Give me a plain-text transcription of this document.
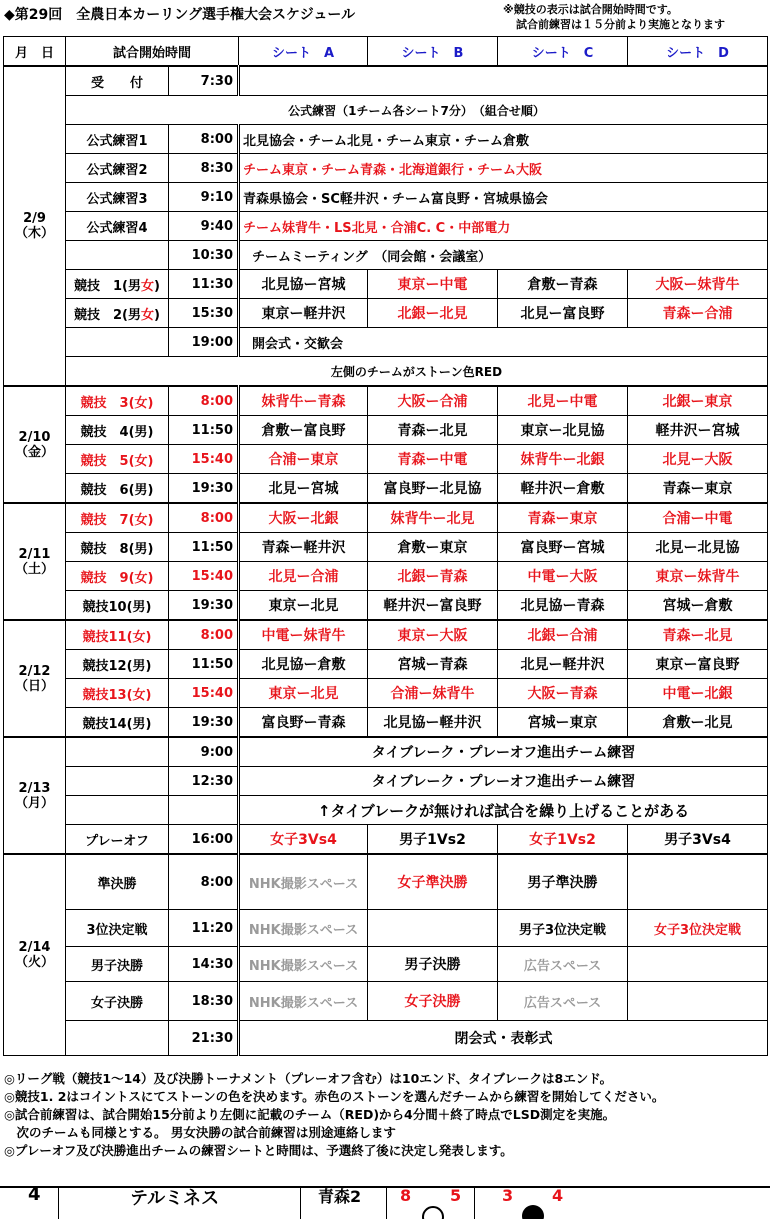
◆第29回　全農日本カーリング選手権大会スケジュール	※競技の表示は試合開始時間です。
試合前練習は１５分前より実施となります
月　日	試合開始時間		シート　A	シート　B	シート　C	シート　D

2/9
（木）	受　　付	7:30				
	公式練習（1チーム各シート7分）　（組合せ順）					
	公式練習1	8:00	北見協会・チーム北見・チーム東京・チーム倉敷			
	公式練習2	8:30	チーム東京・チーム青森・北海道銀行・チーム大阪			
	公式練習3	9:10	青森県協会・SC軽井沢・チーム富良野・宮城県協会			
	公式練習4	9:40	チーム妹背牛・LS北見・合浦C. C・中部電力			
		10:30	チームミーティング　（同会館・会議室）			
	競技　1(男女)	11:30	北見協ー宮城	東京ー中電	倉敷ー青森	大阪ー妹背牛
	競技　2(男女)	15:30	東京ー軽井沢	北銀ー北見	北見ー富良野	青森ー合浦
		19:00	開会式・交歓会			
	左側のチームがストーン色RED					

2/10
（金）	競技　3(女)	8:00	妹背牛ー青森	大阪ー合浦	北見ー中電	北銀ー東京
	競技　4(男)	11:50	倉敷ー富良野	青森ー北見	東京ー北見協	軽井沢ー宮城
	競技　5(女)	15:40	合浦ー東京	青森ー中電	妹背牛ー北銀	北見ー大阪
	競技　6(男)	19:30	北見ー宮城	富良野ー北見協	軽井沢ー倉敷	青森ー東京

2/11
（土）	競技　7(女)	8:00	大阪ー北銀	妹背牛ー北見	青森ー東京	合浦ー中電
	競技　8(男)	11:50	青森ー軽井沢	倉敷ー東京	富良野ー宮城	北見ー北見協
	競技　9(女)	15:40	北見ー合浦	北銀ー青森	中電ー大阪	東京ー妹背牛
	競技10(男)	19:30	東京ー北見	軽井沢ー富良野	北見協ー青森	宮城ー倉敷

2/12
（日）	競技11(女)	8:00	中電ー妹背牛	東京ー大阪	北銀ー合浦	青森ー北見
	競技12(男)	11:50	北見協ー倉敷	宮城ー青森	北見ー軽井沢	東京ー富良野
	競技13(女)	15:40	東京ー北見	合浦ー妹背牛	大阪ー青森	中電ー北銀
	競技14(男)	19:30	富良野ー青森	北見協ー軽井沢	宮城ー東京	倉敷ー北見

2/13
（月）		9:00	タイブレーク・プレーオフ進出チーム練習			
		12:30	タイブレーク・プレーオフ進出チーム練習			
			↑タイブレークが無ければ試合を繰り上げることがある			
	プレーオフ	16:00	女子3Vs4	男子1Vs2	女子1Vs2	男子3Vs4

2/14
（火）	準決勝	8:00	NHK撮影スペース	女子準決勝	男子準決勝	
	3位決定戦	11:20	NHK撮影スペース		男子3位決定戦	女子3位決定戦
	男子決勝	14:30	NHK撮影スペース	男子決勝	広告スペース	
	女子決勝	18:30	NHK撮影スペース	女子決勝	広告スペース	
		21:30	閉会式・表彰式			
◎リーグ戦（競技1～14）及び決勝トーナメント（プレーオフ含む）は10エンド、タイブレークは8エンド。
◎競技1. 2はコイントスにてストーンの色を決めます。赤色のストーンを選んだチームから練習を開始してください。
◎試合前練習は、試合開始15分前より左側に記載のチーム（RED)から4分間＋終了時点でLSD測定を実施。
　次のチームも同様とする。 男女決勝の試合前練習は別途連絡します
◎プレーオフ及び決勝進出チームの練習シートと時間は、予選終了後に決定し発表します。
4	テルミネス	青森2 8 5	3 4
